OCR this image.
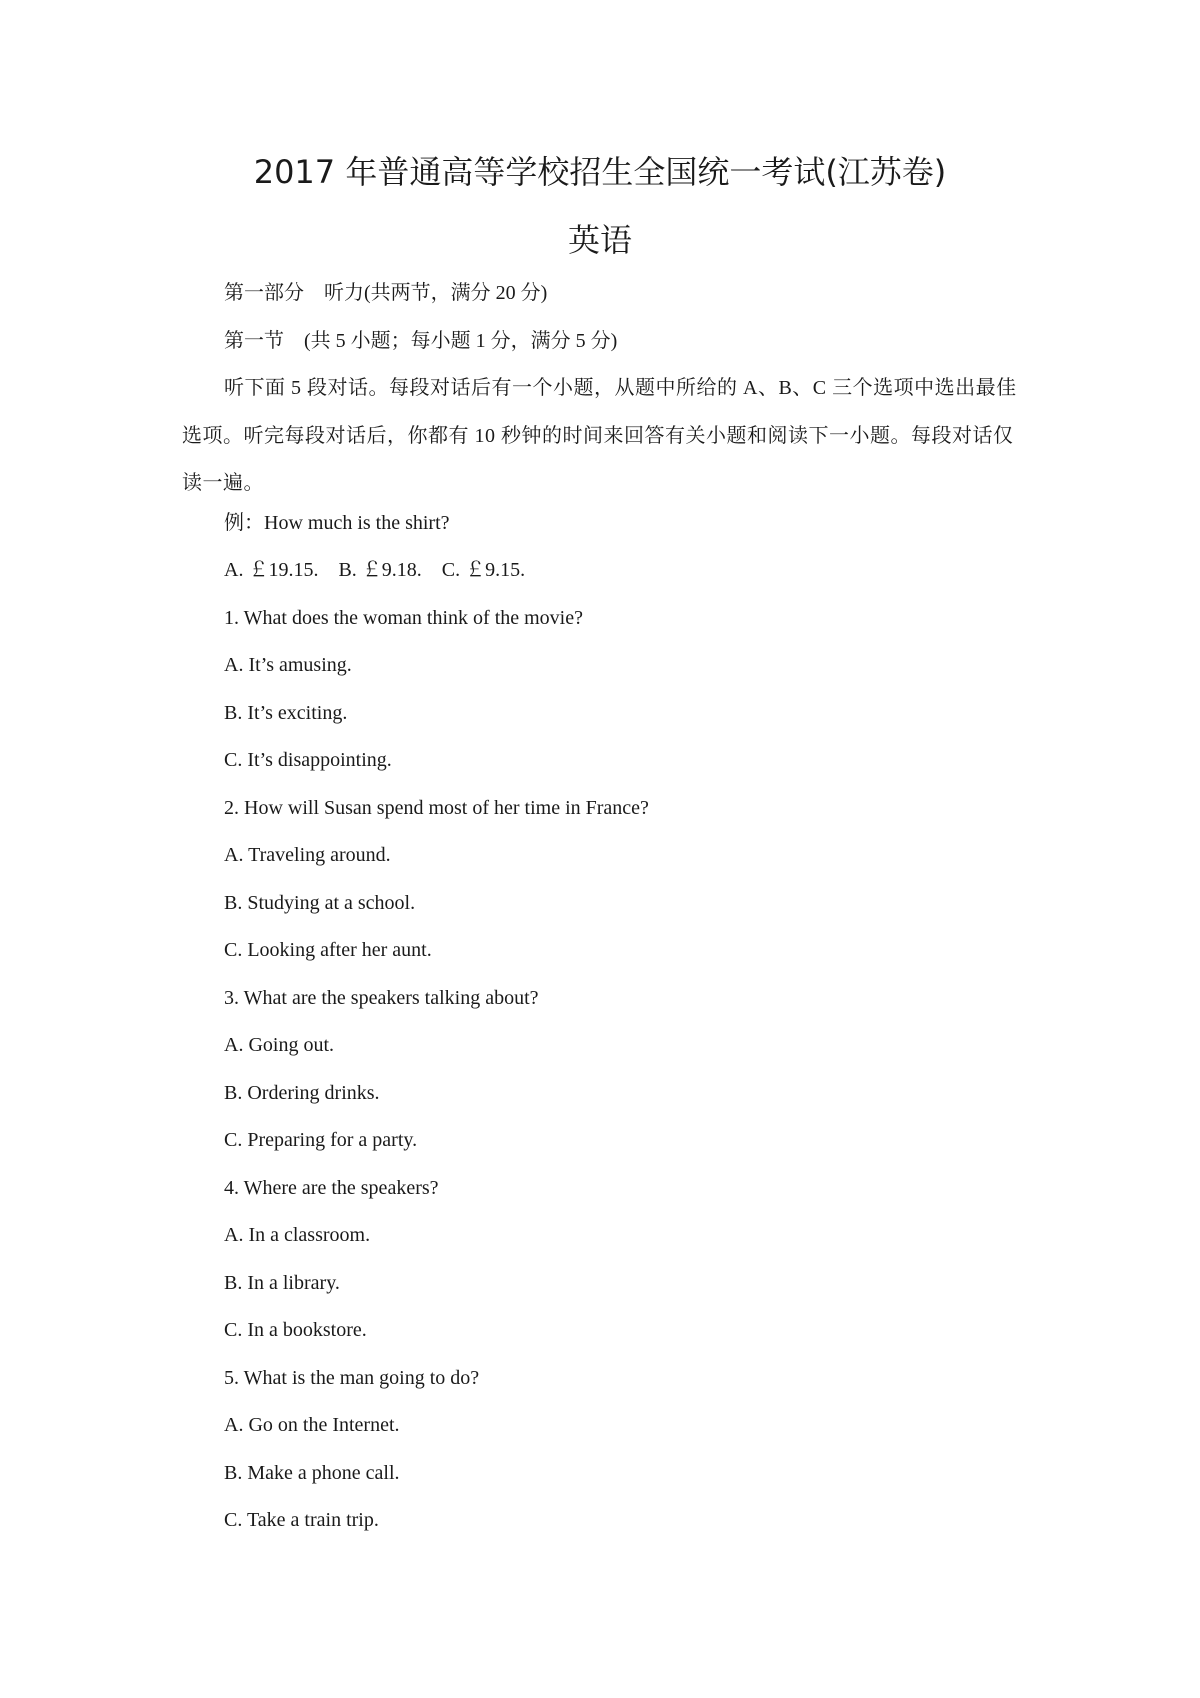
2017 年普通高等学校招生全国统一考试(江苏卷)
英语
第一部分　听力(共两节，满分 20 分)
第一节　(共 5 小题；每小题 1 分，满分 5 分)

听下面 5 段对话。每段对话后有一个小题，从题中所给的 A、B、C 三个选项中选出最佳选项。听完每段对话后，你都有 10 秒钟的时间来回答有关小题和阅读下一小题。每段对话仅读一遍。

例：How much is the shirt?
A. ￡19.15.　B. ￡9.18.　C. ￡9.15.
1. What does the woman think of the movie?
A. It’s amusing.
B. It’s exciting.
C. It’s disappointing.
2. How will Susan spend most of her time in France?
A. Traveling around.
B. Studying at a school.
C. Looking after her aunt.
3. What are the speakers talking about?
A. Going out.
B. Ordering drinks.
C. Preparing for a party.
4. Where are the speakers?
A. In a classroom.
B. In a library.
C. In a bookstore.
5. What is the man going to do?
A. Go on the Internet.
B. Make a phone call.
C. Take a train trip.
